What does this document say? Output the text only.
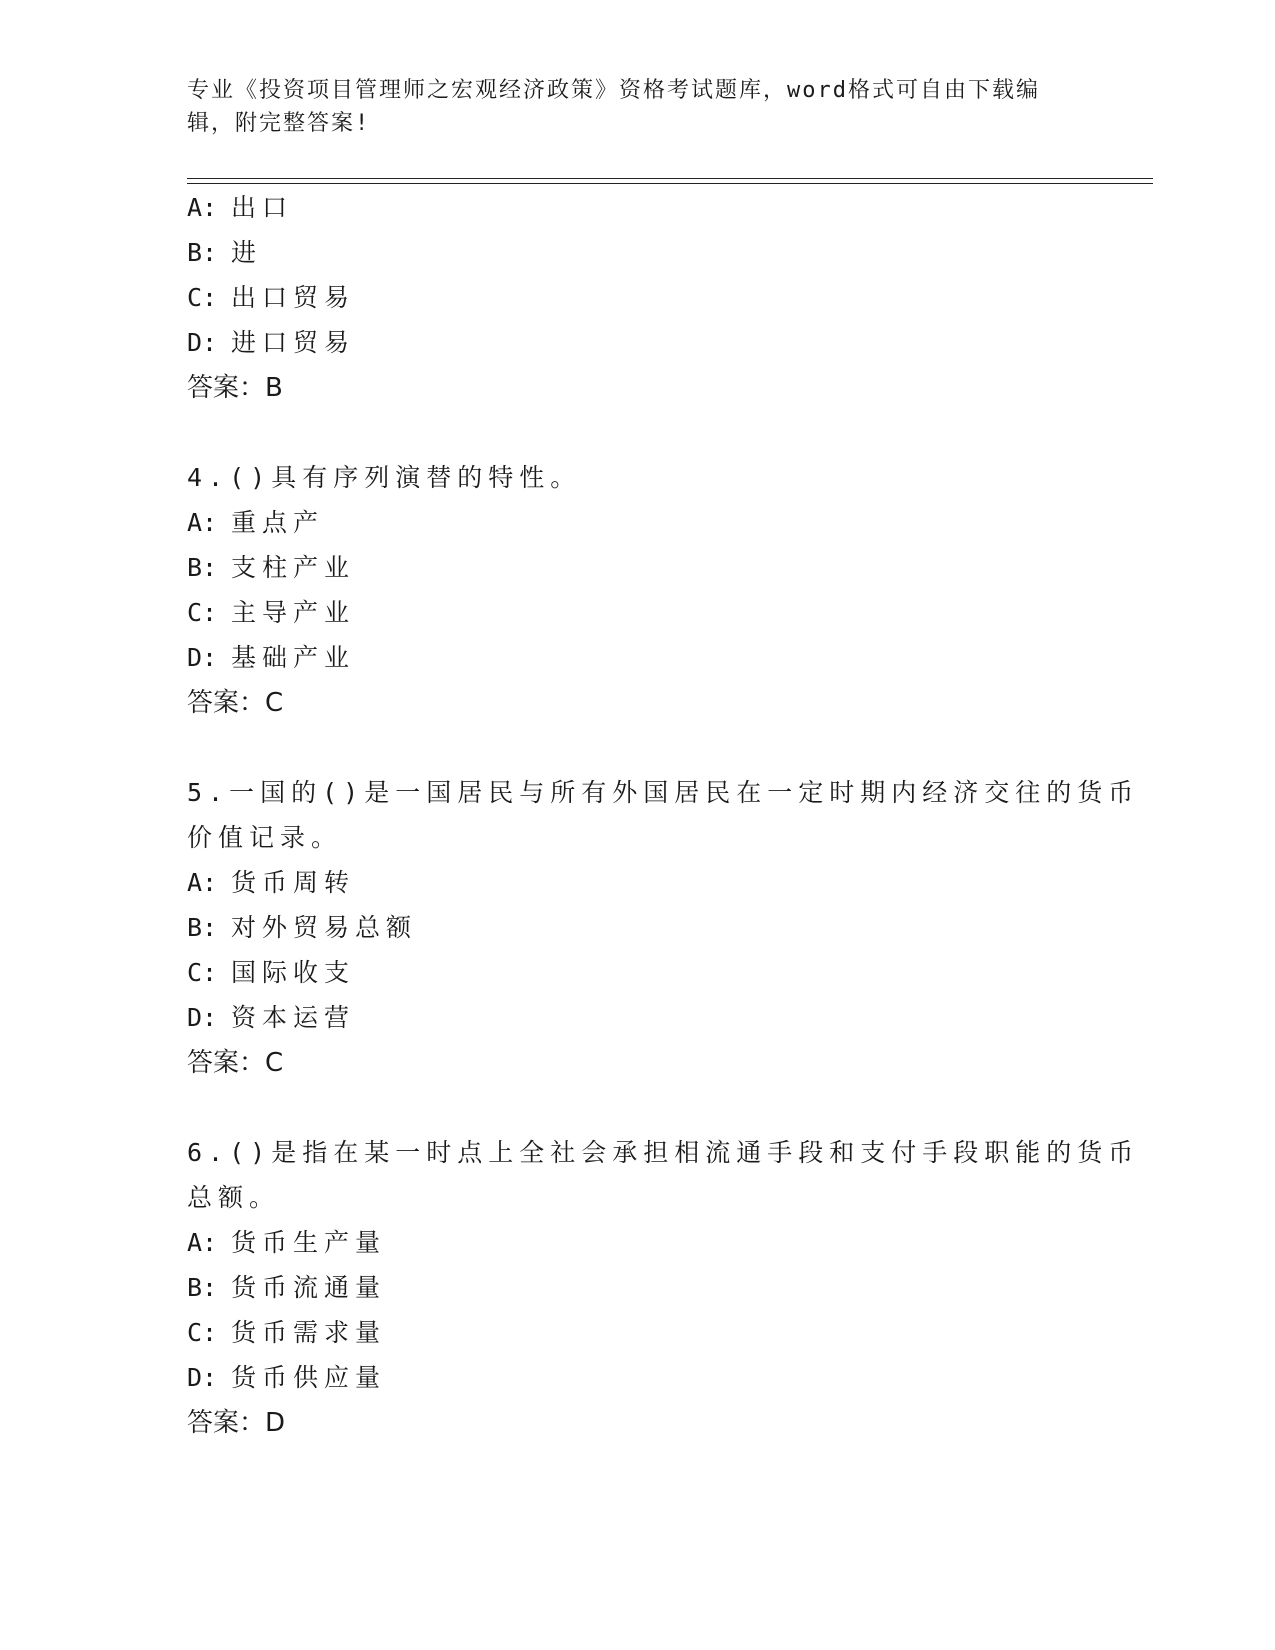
专业《投资项目管理师之宏观经济政策》资格考试题库，word格式可自由下载编辑，附完整答案!
A: 出口
B: 进
C: 出口贸易
D: 进口贸易
答案：B
4.()具有序列演替的特性。
A: 重点产
B: 支柱产业
C: 主导产业
D: 基础产业
答案：C
5.一国的()是一国居民与所有外国居民在一定时期内经济交往的货币
价值记录。
A: 货币周转
B: 对外贸易总额
C: 国际收支
D: 资本运营
答案：C
6.()是指在某一时点上全社会承担相流通手段和支付手段职能的货币
总额。
A: 货币生产量
B: 货币流通量
C: 货币需求量
D: 货币供应量
答案：D
